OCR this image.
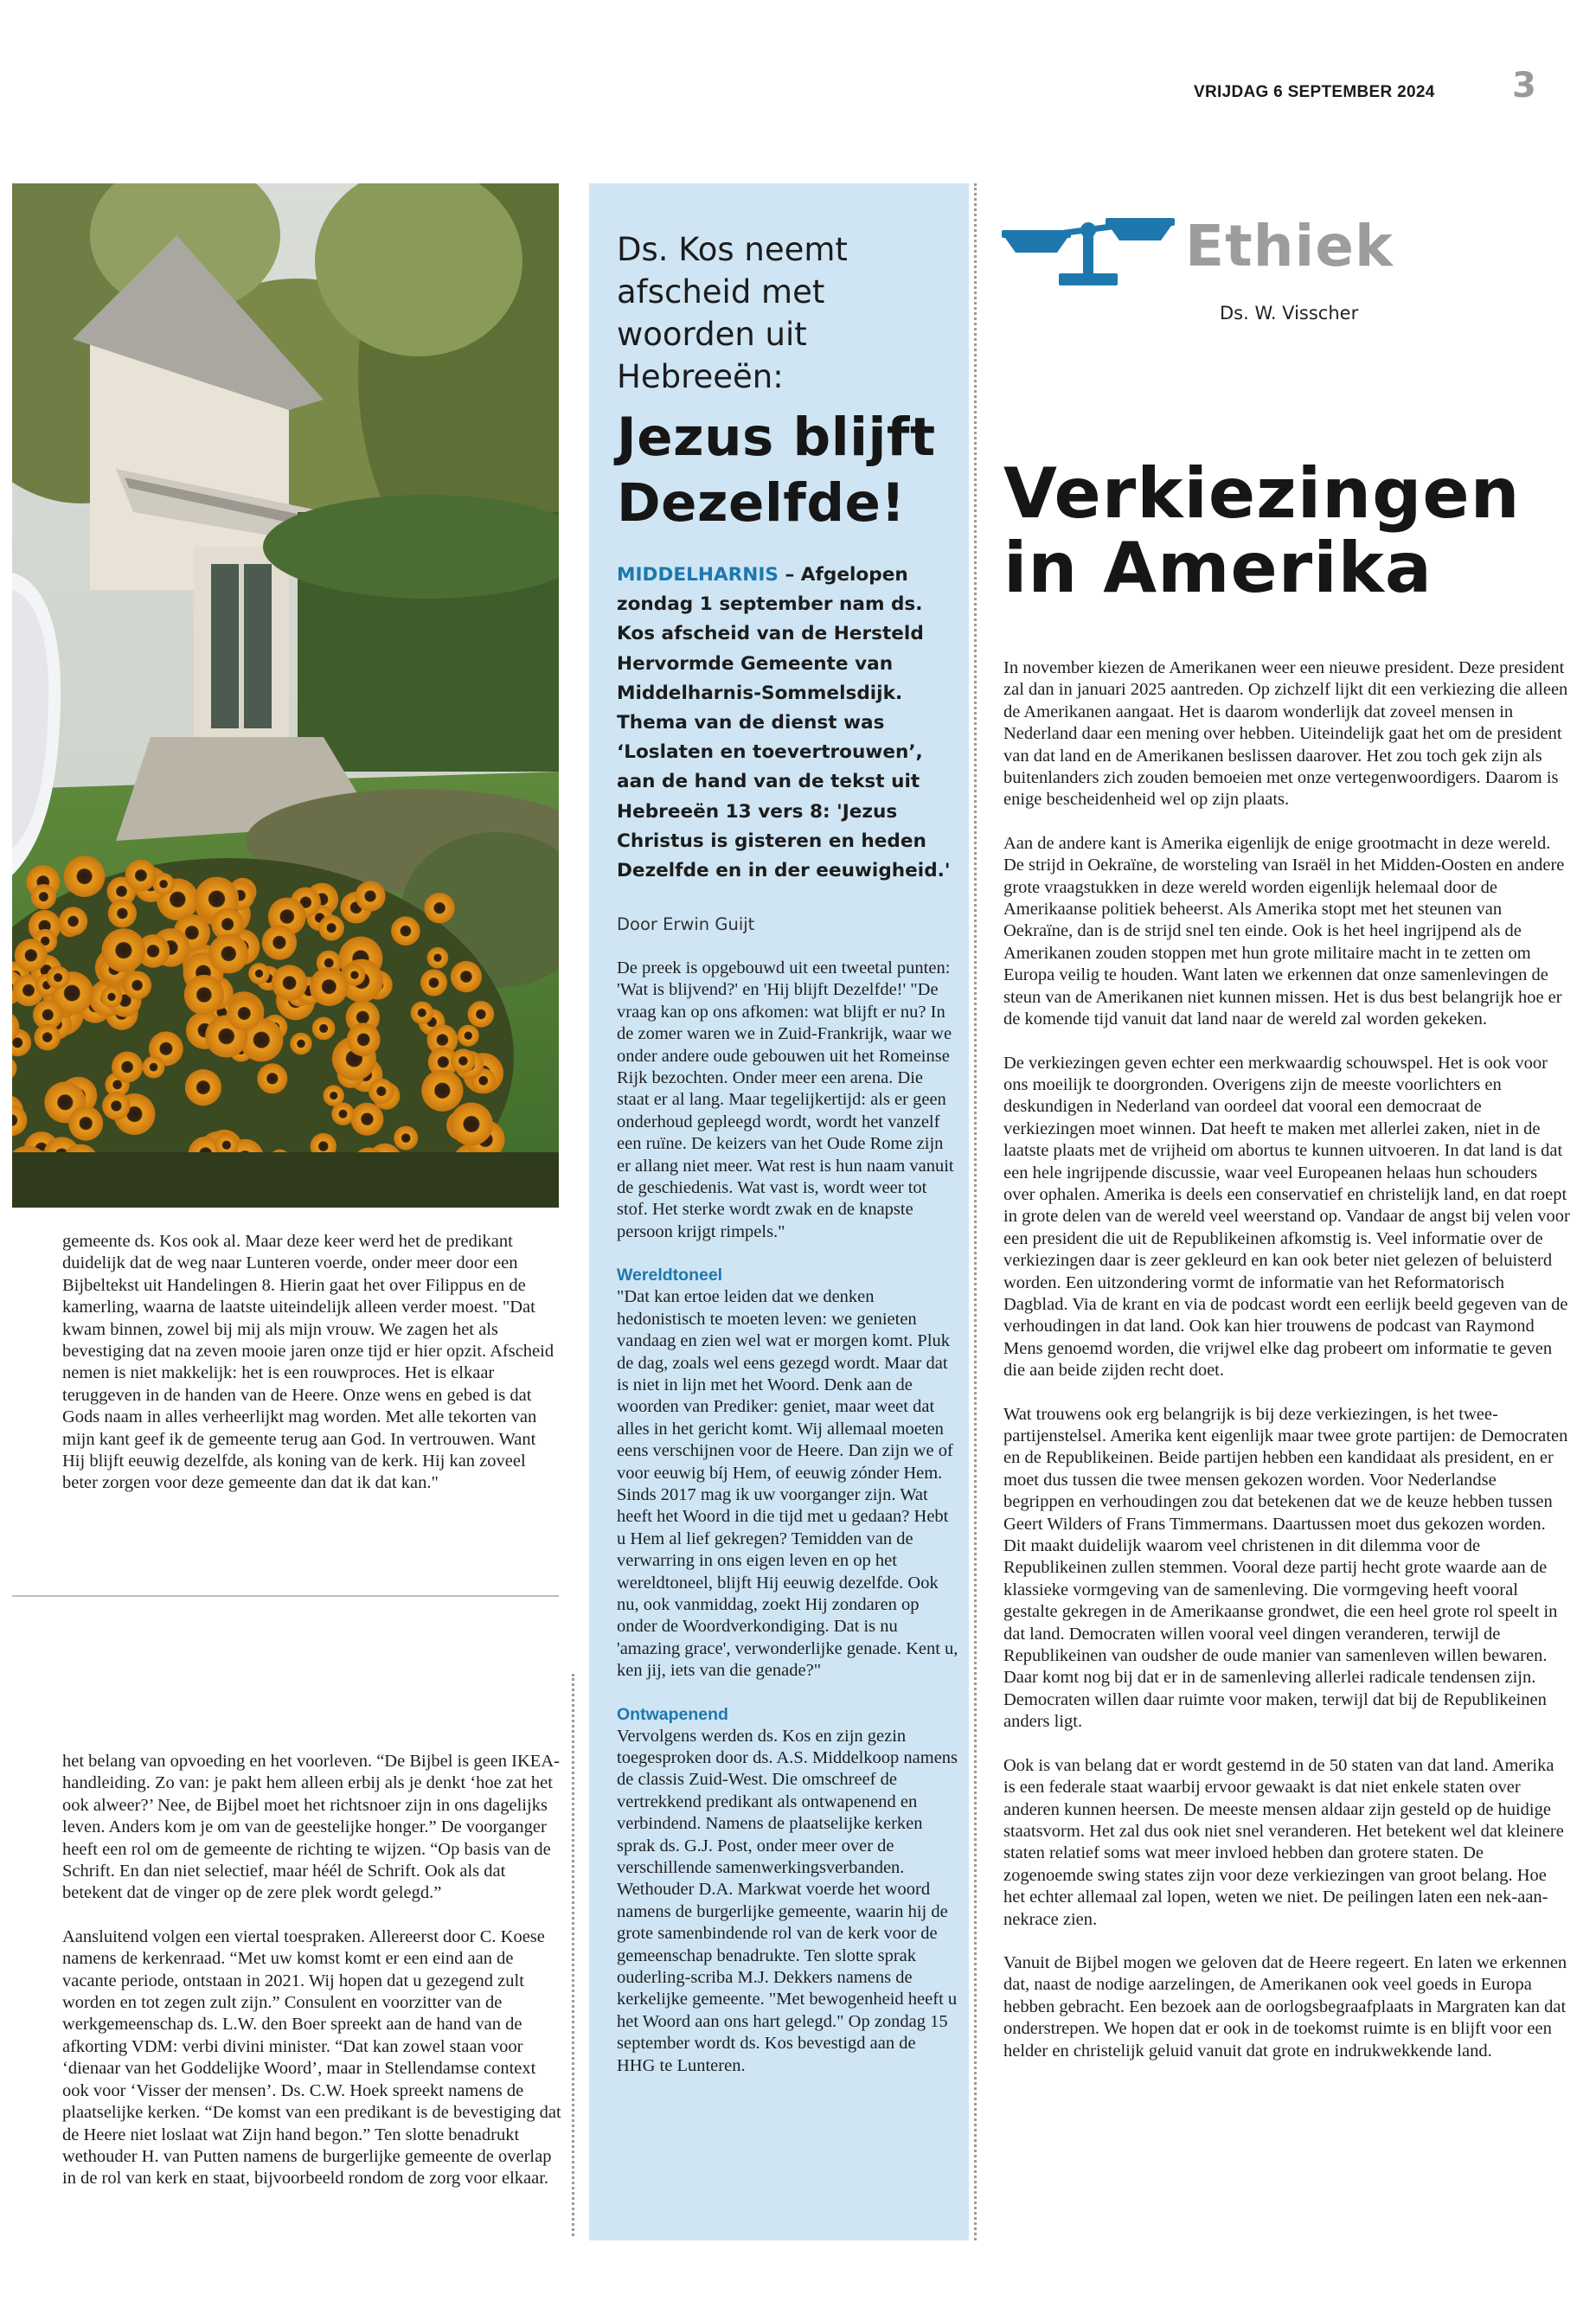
VRIJDAG 6 SEPTEMBER 2024 3

gemeente ds. Kos ook al. Maar deze keer werd het de predikant duidelijk dat de weg naar Lunteren voerde, onder meer door een Bijbeltekst uit Handelingen 8. Hierin gaat het over Filippus en de kamerling, waarna de laatste uiteindelijk alleen verder moest. "Dat kwam binnen, zowel bij mij als mijn vrouw. We zagen het als bevestiging dat na zeven mooie jaren onze tijd er hier opzit. Afscheid nemen is niet makkelijk: het is een rouwproces. Het is elkaar teruggeven in de handen van de Heere. Onze wens en gebed is dat Gods naam in alles verheerlijkt mag worden. Met alle tekorten van mijn kant geef ik de gemeente terug aan God. In vertrouwen. Want Hij blijft eeuwig dezelfde, als koning van de kerk. Hij kan zoveel beter zorgen voor deze gemeente dan dat ik dat kan."

het belang van opvoeding en het voorleven. “De Bijbel is geen IKEA-handleiding. Zo van: je pakt hem alleen erbij als je denkt ‘hoe zat het ook alweer?’ Nee, de Bijbel moet het richtsnoer zijn in ons dagelijks leven. Anders kom je om van de geestelijke honger.” De voorganger heeft een rol om de gemeente de richting te wijzen. “Op basis van de Schrift. En dan niet selectief, maar héél de Schrift. Ook als dat betekent dat de vinger op de zere plek wordt gelegd.”

Aansluitend volgen een viertal toespraken. Allereerst door C. Koese namens de kerkenraad. “Met uw komst komt er een eind aan de vacante periode, ontstaan in 2021. Wij hopen dat u gezegend zult worden en tot zegen zult zijn.” Consulent en voorzitter van de werkgemeenschap ds. L.W. den Boer spreekt aan de hand van de afkorting VDM: verbi divini minister. “Dat kan zowel staan voor ‘dienaar van het Goddelijke Woord’, maar in Stellendamse context ook voor ‘Visser der mensen’. Ds. C.W. Hoek spreekt namens de plaatselijke kerken. “De komst van een predikant is de bevestiging dat de Heere niet loslaat wat Zijn hand begon.” Ten slotte benadrukt wethouder H. van Putten namens de burgerlijke gemeente de overlap in de rol van kerk en staat, bijvoorbeeld rondom de zorg voor elkaar.

Ds. Kos neemt afscheid met woorden uit Hebreeën:
Jezus blijft Dezelfde!
MIDDELHARNIS – Afgelopen zondag 1 september nam ds. Kos afscheid van de Hersteld Hervormde Gemeente van Middelharnis-Sommelsdijk. Thema van de dienst was ‘Loslaten en toevertrouwen’, aan de hand van de tekst uit Hebreeën 13 vers 8: 'Jezus Christus is gisteren en heden Dezelfde en in der eeuwigheid.'
Door Erwin Guijt

De preek is opgebouwd uit een tweetal punten: 'Wat is blijvend?' en 'Hij blijft Dezelfde!' "De vraag kan op ons afkomen: wat blijft er nu? In de zomer waren we in Zuid-Frankrijk, waar we onder andere oude gebouwen uit het Romeinse Rijk bezochten. Onder meer een arena. Die staat er al lang. Maar tegelijkertijd: als er geen onderhoud gepleegd wordt, wordt het vanzelf een ruïne. De keizers van het Oude Rome zijn er allang niet meer. Wat rest is hun naam vanuit de geschiedenis. Wat vast is, wordt weer tot stof. Het sterke wordt zwak en de knapste persoon krijgt rimpels."

Wereldtoneel

"Dat kan ertoe leiden dat we denken hedonistisch te moeten leven: we genieten vandaag en zien wel wat er morgen komt. Pluk de dag, zoals wel eens gezegd wordt. Maar dat is niet in lijn met het Woord. Denk aan de woorden van Prediker: geniet, maar weet dat alles in het gericht komt. Wij allemaal moeten eens verschijnen voor de Heere. Dan zijn we of voor eeuwig bíj Hem, of eeuwig zónder Hem. Sinds 2017 mag ik uw voorganger zijn. Wat heeft het Woord in die tijd met u gedaan? Hebt u Hem al lief gekregen? Temidden van de verwarring in ons eigen leven en op het wereldtoneel, blijft Hij eeuwig dezelfde. Ook nu, ook vanmiddag, zoekt Hij zondaren op onder de Woordverkondiging. Dat is nu 'amazing grace', verwonderlijke genade. Kent u, ken jij, iets van die genade?"

Ontwapenend

Vervolgens werden ds. Kos en zijn gezin toegesproken door ds. A.S. Middelkoop namens de classis Zuid-West. Die omschreef de vertrekkend predikant als ontwapenend en verbindend. Namens de plaatselijke kerken sprak ds. G.J. Post, onder meer over de verschillende samenwerkingsverbanden. Wethouder D.A. Markwat voerde het woord namens de burgerlijke gemeente, waarin hij de grote samenbindende rol van de kerk voor de gemeenschap benadrukte. Ten slotte sprak ouderling-scriba M.J. Dekkers namens de kerkelijke gemeente. "Met bewogenheid heeft u het Woord aan ons hart gelegd." Op zondag 15 september wordt ds. Kos bevestigd aan de HHG te Lunteren.

Ethiek
Ds. W. Visscher
Verkiezingen in Amerika

In november kiezen de Amerikanen weer een nieuwe president. Deze president zal dan in januari 2025 aantreden. Op zichzelf lijkt dit een verkiezing die alleen de Amerikanen aangaat. Het is daarom wonderlijk dat zoveel mensen in Nederland daar een mening over hebben. Uiteindelijk gaat het om de president van dat land en de Amerikanen beslissen daarover. Het zou toch gek zijn als buitenlanders zich zouden bemoeien met onze vertegenwoordigers. Daarom is enige bescheidenheid wel op zijn plaats.

Aan de andere kant is Amerika eigenlijk de enige grootmacht in deze wereld. De strijd in Oekraïne, de worsteling van Israël in het Midden-Oosten en andere grote vraagstukken in deze wereld worden eigenlijk helemaal door de Amerikaanse politiek beheerst. Als Amerika stopt met het steunen van Oekraïne, dan is de strijd snel ten einde. Ook is het heel ingrijpend als de Amerikanen zouden stoppen met hun grote militaire macht in te zetten om Europa veilig te houden. Want laten we erkennen dat onze samenlevingen de steun van de Amerikanen niet kunnen missen. Het is dus best belangrijk hoe er de komende tijd vanuit dat land naar de wereld zal worden gekeken.

De verkiezingen geven echter een merkwaardig schouwspel. Het is ook voor ons moeilijk te doorgronden. Overigens zijn de meeste voorlichters en deskundigen in Nederland van oordeel dat vooral een democraat de verkiezingen moet winnen. Dat heeft te maken met allerlei zaken, niet in de laatste plaats met de vrijheid om abortus te kunnen uitvoeren. In dat land is dat een hele ingrijpende discussie, waar veel Europeanen helaas hun schouders over ophalen. Amerika is deels een conservatief en christelijk land, en dat roept in grote delen van de wereld veel weerstand op. Vandaar de angst bij velen voor een president die uit de Republikeinen afkomstig is. Veel informatie over de verkiezingen daar is zeer gekleurd en kan ook beter niet gelezen of beluisterd worden. Een uitzondering vormt de informatie van het Reformatorisch Dagblad. Via de krant en via de podcast wordt een eerlijk beeld gegeven van de verhoudingen in dat land. Ook kan hier trouwens de podcast van Raymond Mens genoemd worden, die vrijwel elke dag probeert om informatie te geven die aan beide zijden recht doet.

Wat trouwens ook erg belangrijk is bij deze verkiezingen, is het twee-partijenstelsel. Amerika kent eigenlijk maar twee grote partijen: de Democraten en de Republikeinen. Beide partijen hebben een kandidaat als president, en er moet dus tussen die twee mensen gekozen worden. Voor Nederlandse begrippen en verhoudingen zou dat betekenen dat we de keuze hebben tussen Geert Wilders of Frans Timmermans. Daartussen moet dus gekozen worden. Dit maakt duidelijk waarom veel christenen in dit dilemma voor de Republikeinen zullen stemmen. Vooral deze partij hecht grote waarde aan de klassieke vormgeving van de samenleving. Die vormgeving heeft vooral gestalte gekregen in de Amerikaanse grondwet, die een heel grote rol speelt in dat land. Democraten willen vooral veel dingen veranderen, terwijl de Republikeinen van oudsher de oude manier van samenleven willen bewaren. Daar komt nog bij dat er in de samenleving allerlei radicale tendensen zijn. Democraten willen daar ruimte voor maken, terwijl dat bij de Republikeinen anders ligt.

Ook is van belang dat er wordt gestemd in de 50 staten van dat land. Amerika is een federale staat waarbij ervoor gewaakt is dat niet enkele staten over anderen kunnen heersen. De meeste mensen aldaar zijn gesteld op de huidige staatsvorm. Het zal dus ook niet snel veranderen. Het betekent wel dat kleinere staten relatief soms wat meer invloed hebben dan grotere staten. De zogenoemde swing states zijn voor deze verkiezingen van groot belang. Hoe het echter allemaal zal lopen, weten we niet. De peilingen laten een nek-aan-nekrace zien.

Vanuit de Bijbel mogen we geloven dat de Heere regeert. En laten we erkennen dat, naast de nodige aarzelingen, de Amerikanen ook veel goeds in Europa hebben gebracht. Een bezoek aan de oorlogsbegraafplaats in Margraten kan dat onderstrepen. We hopen dat er ook in de toekomst ruimte is en blijft voor een helder en christelijk geluid vanuit dat grote en indrukwekkende land.
